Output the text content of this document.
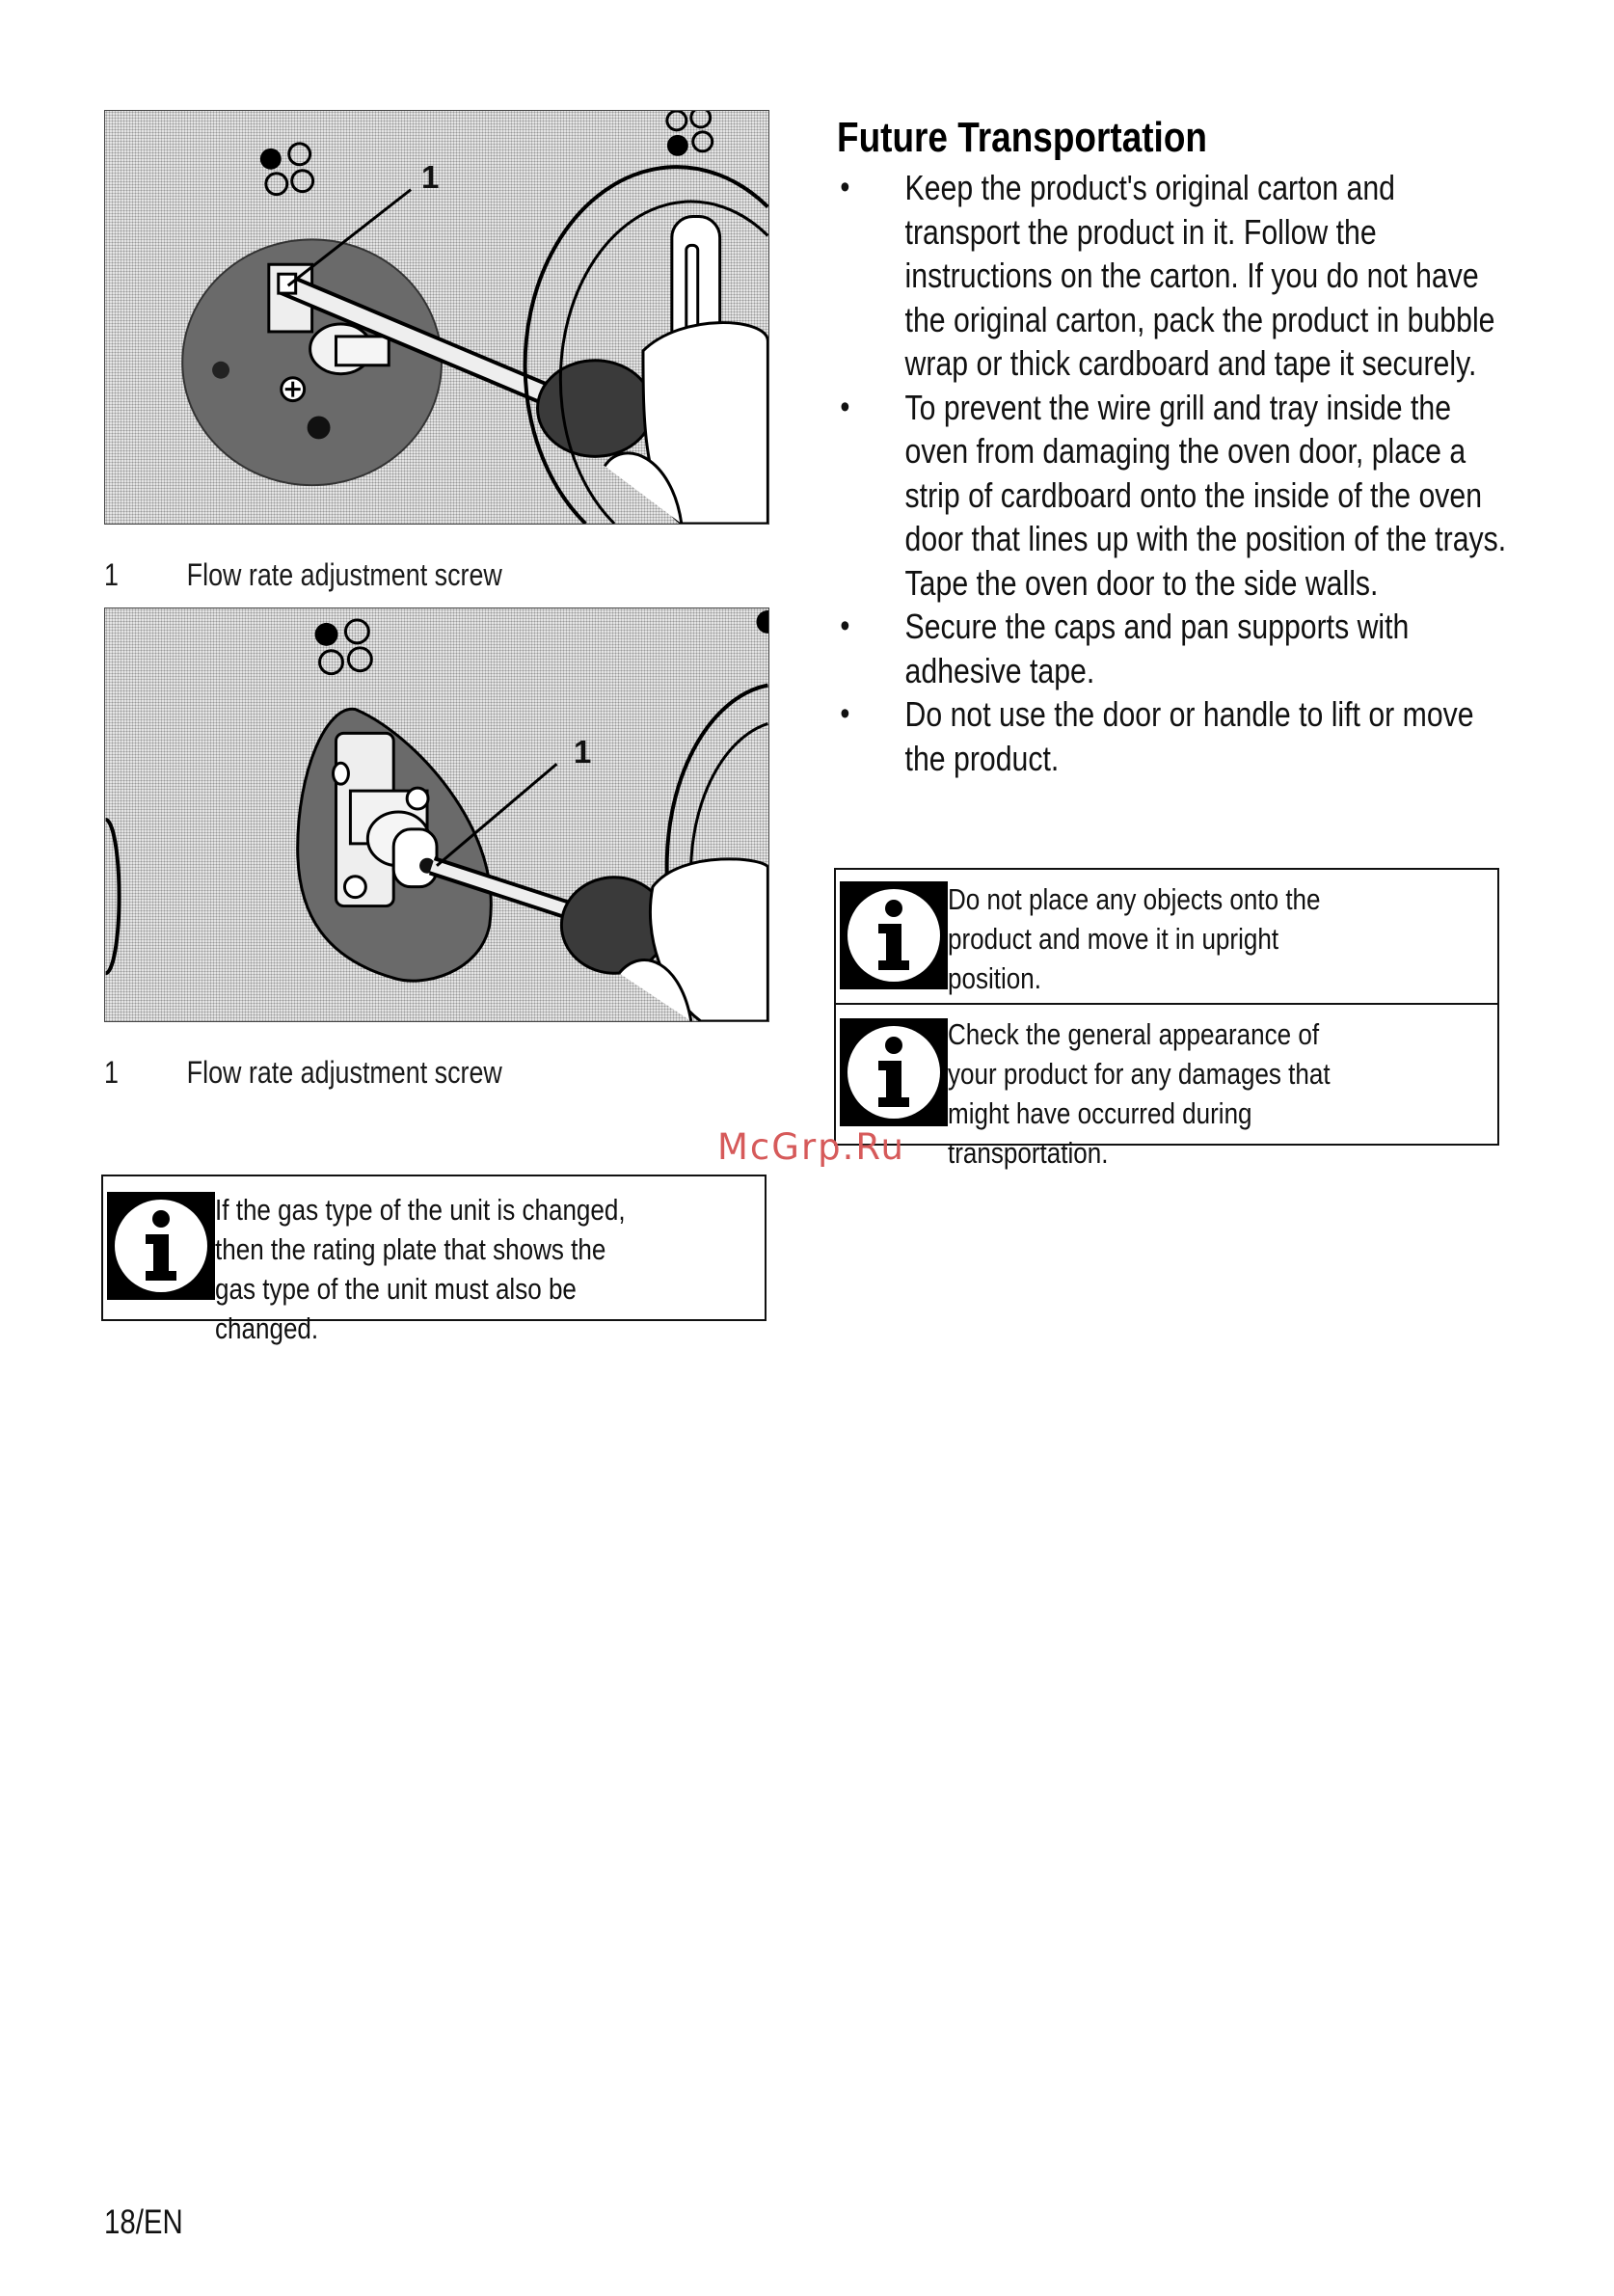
1
1 Flow rate adjustment screw
1
1 Flow rate adjustment screw
If the gas type of the unit is changed, then the rating plate that shows the gas type of the unit must also be changed.
Future Transportation
• Keep the product's original carton and transport the product in it. Follow the instructions on the carton. If you do not have the original carton, pack the product in bubble wrap or thick cardboard and tape it securely.
• To prevent the wire grill and tray inside the oven from damaging the oven door, place a strip of cardboard onto the inside of the oven door that lines up with the position of the trays. Tape the oven door to the side walls.
• Secure the caps and pan supports with adhesive tape.
• Do not use the door or handle to lift or move the product.
Do not place any objects onto the product and move it in upright position.
Check the general appearance of your product for any damages that might have occurred during transportation.
McGrp.Ru
18/EN
